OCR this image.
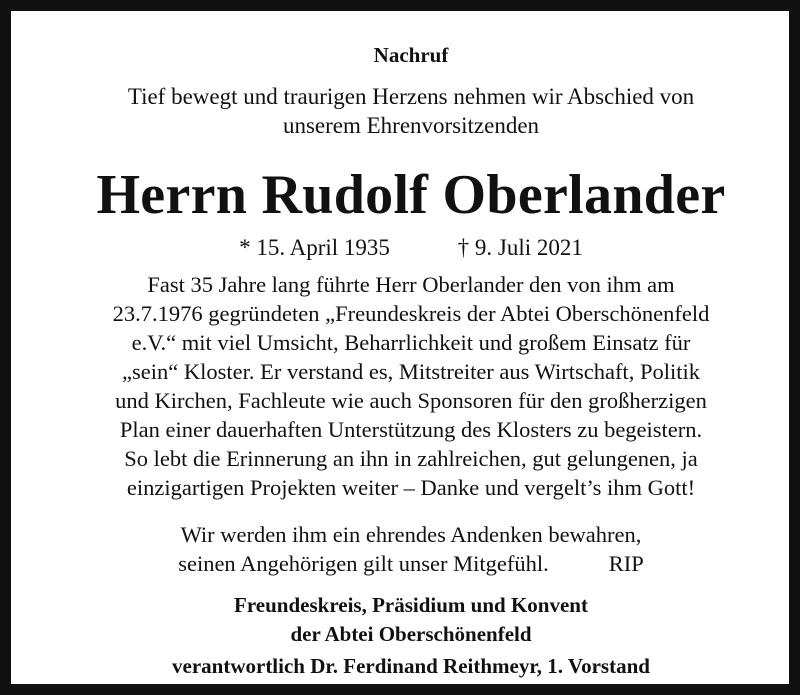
Nachruf
Tief bewegt und traurigen Herzens nehmen wir Abschied von
unserem Ehrenvorsitzenden
Herrn Rudolf Oberlander
* 15. April 1935	† 9. Juli 2021
Fast 35 Jahre lang führte Herr Oberlander den von ihm am
23.7.1976 gegründeten „Freundeskreis der Abtei Oberschönenfeld
e.V.“ mit viel Umsicht, Beharrlichkeit und großem Einsatz für
„sein“ Kloster. Er verstand es, Mitstreiter aus Wirtschaft, Politik
und Kirchen, Fachleute wie auch Sponsoren für den großherzigen
Plan einer dauerhaften Unterstützung des Klosters zu begeistern.
So lebt die Erinnerung an ihn in zahlreichen, gut gelungenen, ja
einzigartigen Projekten weiter – Danke und vergelt’s ihm Gott!
Wir werden ihm ein ehrendes Andenken bewahren,
seinen Angehörigen gilt unser Mitgefühl.	RIP
Freundeskreis, Präsidium und Konvent
der Abtei Oberschönenfeld
verantwortlich Dr. Ferdinand Reithmeyr, 1. Vorstand
